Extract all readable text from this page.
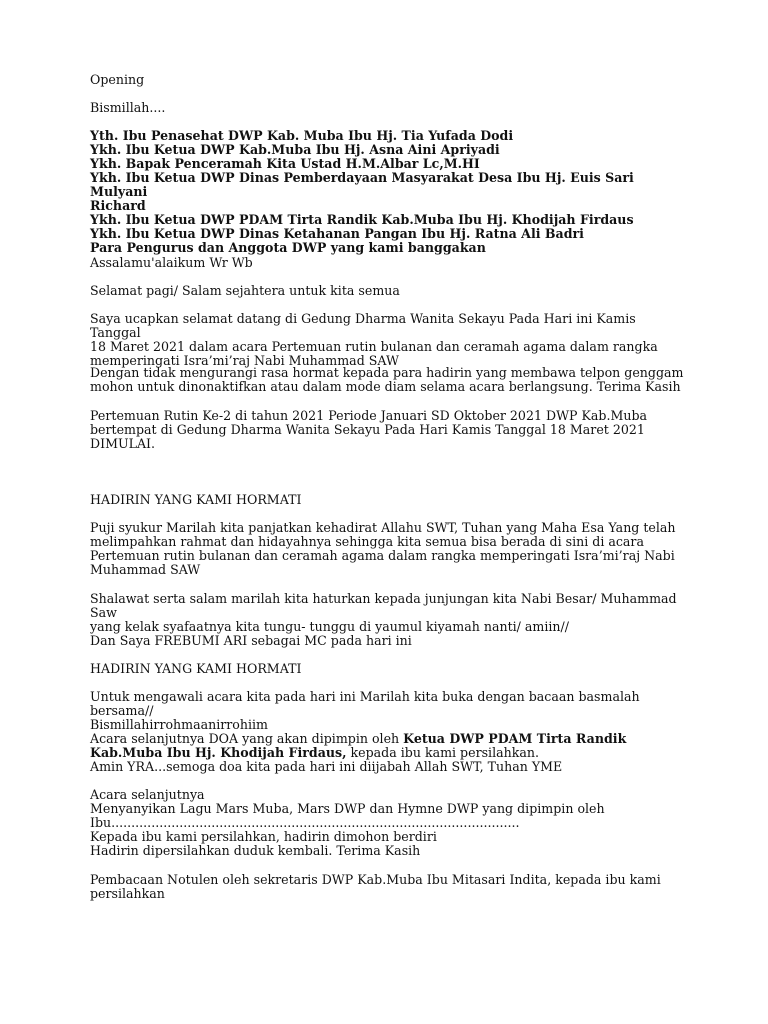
Opening

Bismillah....

Yth. Ibu Penasehat DWP Kab. Muba Ibu Hj. Tia Yufada Dodi

Ykh. Ibu Ketua DWP Kab.Muba Ibu Hj. Asna Aini Apriyadi

Ykh. Bapak Penceramah Kita Ustad H.M.Albar Lc,M.HI

Ykh. Ibu Ketua DWP Dinas Pemberdayaan Masyarakat Desa Ibu Hj. Euis Sari Mulyani

Richard

Ykh. Ibu Ketua DWP PDAM Tirta Randik Kab.Muba Ibu Hj. Khodijah Firdaus

Ykh. Ibu Ketua DWP Dinas Ketahanan Pangan Ibu Hj. Ratna Ali Badri

Para Pengurus dan Anggota DWP yang kami banggakan

Assalamu'alaikum Wr Wb

Selamat pagi/ Salam sejahtera untuk kita semua

Saya ucapkan selamat datang di Gedung Dharma Wanita Sekayu Pada Hari ini Kamis Tanggal

18 Maret 2021 dalam acara Pertemuan rutin bulanan dan ceramah agama dalam rangka

memperingati Isra’mi’raj Nabi Muhammad SAW

Dengan tidak mengurangi rasa hormat kepada para hadirin yang membawa telpon genggam

mohon untuk dinonaktifkan atau dalam mode diam selama acara berlangsung. Terima Kasih

Pertemuan Rutin Ke-2 di tahun 2021 Periode Januari SD Oktober 2021 DWP Kab.Muba

bertempat di Gedung Dharma Wanita Sekayu Pada Hari Kamis Tanggal 18 Maret 2021

DIMULAI.

HADIRIN YANG KAMI HORMATI

Puji syukur Marilah kita panjatkan kehadirat Allahu SWT, Tuhan yang Maha Esa Yang telah

melimpahkan rahmat dan hidayahnya sehingga kita semua bisa berada di sini di acara

Pertemuan rutin bulanan dan ceramah agama dalam rangka memperingati Isra’mi’raj Nabi

Muhammad SAW

Shalawat serta salam marilah kita haturkan kepada junjungan kita Nabi Besar/ Muhammad Saw

yang kelak syafaatnya kita tungu- tunggu di yaumul kiyamah nanti/ amiin//

Dan Saya FREBUMI ARI sebagai MC pada hari ini

HADIRIN YANG KAMI HORMATI

Untuk mengawali acara kita pada hari ini Marilah kita buka dengan bacaan basmalah bersama//

Bismillahirrohmaanirrohiim

Acara selanjutnya DOA yang akan dipimpin oleh Ketua DWP PDAM Tirta Randik

Kab.Muba Ibu Hj. Khodijah Firdaus, kepada ibu kami persilahkan.

Amin YRA...semoga doa kita pada hari ini diijabah Allah SWT, Tuhan YME

Acara selanjutnya

Menyanyikan Lagu Mars Muba, Mars DWP dan Hymne DWP yang dipimpin oleh

Ibu......................................................................................................

Kepada ibu kami persilahkan, hadirin dimohon berdiri

Hadirin dipersilahkan duduk kembali. Terima Kasih

Pembacaan Notulen oleh sekretaris DWP Kab.Muba Ibu Mitasari Indita, kepada ibu kami

persilahkan
